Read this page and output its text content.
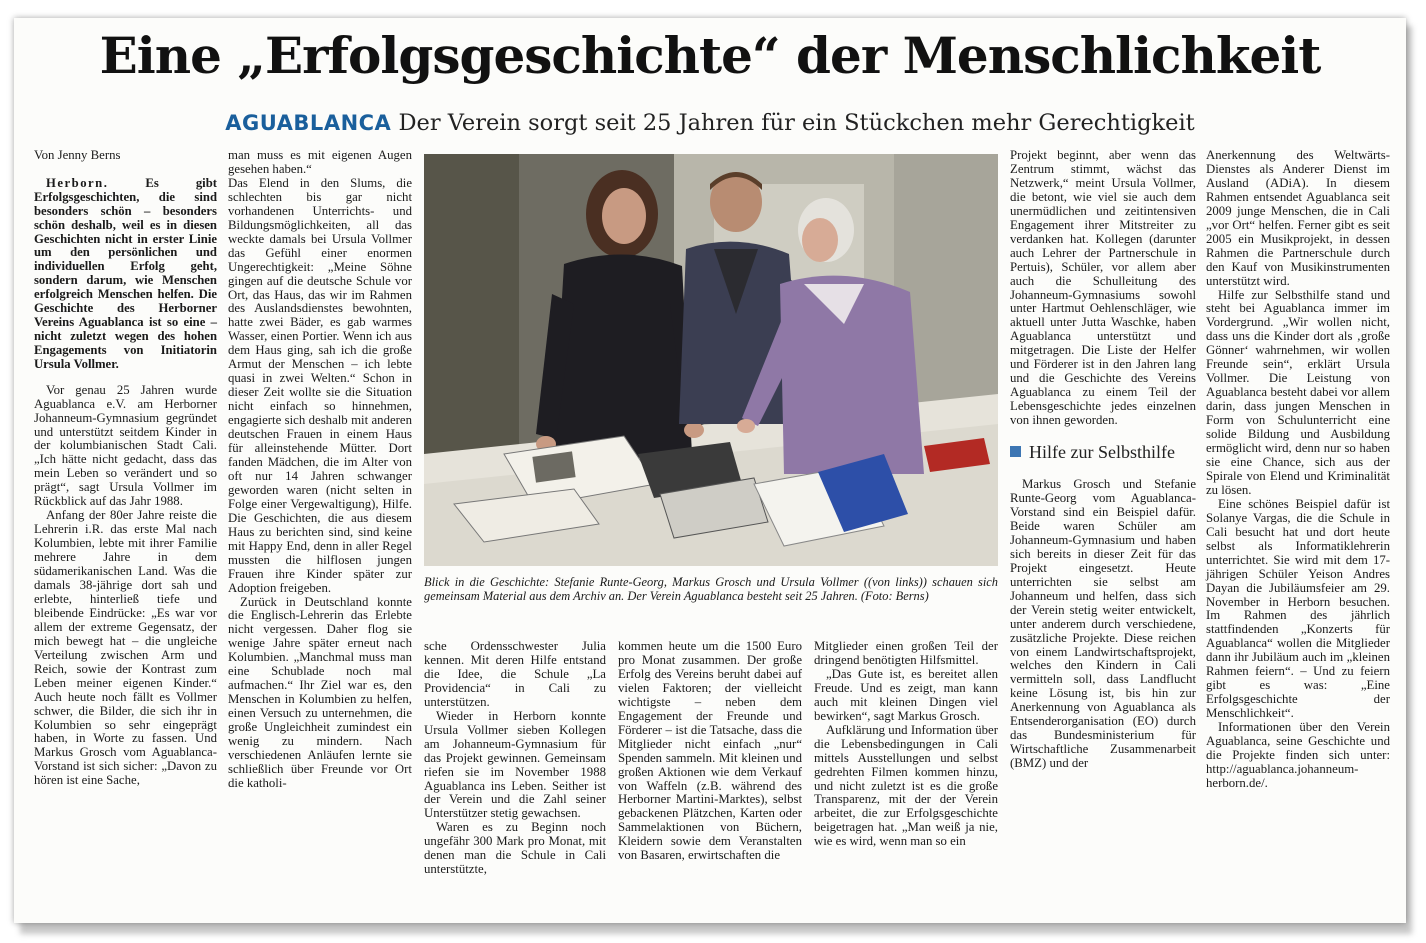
Eine „Erfolgsgeschichte“ der Menschlichkeit
AGUABLANCA Der Verein sorgt seit 25 Jahren für ein Stückchen mehr Gerechtigkeit

Von Jenny Berns

Herborn.	Es gibt Erfolgsgeschichten, die sind besonders schön – besonders schön deshalb, weil es in diesen Geschichten nicht in erster Linie um den persönlichen und individuellen Erfolg geht, sondern darum, wie Menschen erfolgreich Menschen helfen. Die Geschichte des Herborner Vereins Aguablanca ist so eine – nicht zuletzt wegen des hohen Engagements von Initiatorin Ursula Vollmer.

Vor genau 25 Jahren wurde Aguablanca e.V. am Herborner Johanneum-Gymnasium gegründet und unterstützt seitdem Kinder in der kolumbianischen Stadt Cali. „Ich hätte nicht gedacht, dass das mein Leben so verändert und so prägt“, sagt Ursula Vollmer im Rückblick auf das Jahr 1988.

Anfang der 80er Jahre reiste die Lehrerin i.R. das erste Mal nach Kolumbien, lebte mit ihrer Familie mehrere Jahre in dem südamerikanischen Land. Was die damals 38-jährige dort sah und erlebte, hinterließ tiefe und bleibende Eindrücke: „Es war vor allem der extreme Gegensatz, der mich bewegt hat – die ungleiche Verteilung zwischen Arm und Reich, sowie der Kontrast zum Leben meiner eigenen Kinder.“ Auch heute noch fällt es Vollmer schwer, die Bilder, die sich ihr in Kolumbien so sehr eingeprägt haben, in Worte zu fassen. Und Markus Grosch vom Aguablanca-Vorstand ist sich sicher: „Davon zu hören ist eine Sache,

man muss es mit eigenen Augen gesehen haben.“

Das Elend in den Slums, die schlechten bis gar nicht vorhandenen Unterrichts- und Bildungsmöglichkeiten, all das weckte damals bei Ursula Vollmer das Gefühl einer enormen Ungerechtigkeit: „Meine Söhne gingen auf die deutsche Schule vor Ort, das Haus, das wir im Rahmen des Auslandsdienstes bewohnten, hatte zwei Bäder, es gab warmes Wasser, einen Portier. Wenn ich aus dem Haus ging, sah ich die große Armut der Menschen – ich lebte quasi in zwei Welten.“ Schon in dieser Zeit wollte sie die Situation nicht einfach so hinnehmen, engagierte sich deshalb mit anderen deutschen Frauen in einem Haus für alleinstehende Mütter. Dort fanden Mädchen, die im Alter von oft nur 14 Jahren schwanger geworden waren (nicht selten in Folge einer Vergewaltigung), Hilfe. Die Geschichten, die aus diesem Haus zu berichten sind, sind keine mit Happy End, denn in aller Regel mussten die hilflosen jungen Frauen ihre Kinder später zur Adoption freigeben.

Zurück in Deutschland konnte die Englisch-Lehrerin das Erlebte nicht vergessen. Daher flog sie wenige Jahre später erneut nach Kolumbien. „Manchmal muss man eine Schublade noch mal aufmachen.“ Ihr Ziel war es, den Menschen in Kolumbien zu helfen, einen Versuch zu unternehmen, die große Ungleichheit zumindest ein wenig zu mindern. Nach verschiedenen Anläufen lernte sie schließlich über Freunde vor Ort die katholi-

Blick in die Geschichte: Stefanie Runte-Georg, Markus Grosch und Ursula Vollmer ((von links)) schauen sich gemeinsam Material aus dem Archiv an. Der Verein Aguablanca besteht seit 25 Jahren. (Foto: Berns)

sche Ordensschwester Julia kennen. Mit deren Hilfe entstand die Idee, die Schule „La Providencia“ in Cali zu unterstützen.

Wieder in Herborn konnte Ursula Vollmer sieben Kollegen am Johanneum-Gymnasium für das Projekt gewinnen. Gemeinsam riefen sie im November 1988 Aguablanca ins Leben. Seither ist der Verein und die Zahl seiner Unterstützer stetig gewachsen.

Waren es zu Beginn noch ungefähr 300 Mark pro Monat, mit denen man die Schule in Cali unterstützte,

kommen heute um die 1500 Euro pro Monat zusammen. Der große Erfolg des Vereins beruht dabei auf vielen Faktoren; der vielleicht wichtigste – neben dem Engagement der Freunde und Förderer – ist die Tatsache, dass die Mitglieder nicht einfach „nur“ Spenden sammeln. Mit kleinen und großen Aktionen wie dem Verkauf von Waffeln (z.B. während des Herborner Martini-Marktes), selbst gebackenen Plätzchen, Karten oder Sammelaktionen von Büchern, Kleidern sowie dem Veranstalten von Basaren, erwirtschaften die

Mitglieder einen großen Teil der dringend benötigten Hilfsmittel.

„Das Gute ist, es bereitet allen Freude. Und es zeigt, man kann auch mit kleinen Dingen viel bewirken“, sagt Markus Grosch.

Aufklärung und Information über die Lebensbedingungen in Cali mittels Ausstellungen und selbst gedrehten Filmen kommen hinzu, und nicht zuletzt ist es die große Transparenz, mit der der Verein arbeitet, die zur Erfolgsgeschichte beigetragen hat. „Man weiß ja nie, wie es wird, wenn man so ein

Projekt beginnt, aber wenn das Zentrum stimmt, wächst das Netzwerk,“ meint Ursula Vollmer, die betont, wie viel sie auch dem unermüdlichen und zeitintensiven Engagement ihrer Mitstreiter zu verdanken hat. Kollegen (darunter auch Lehrer der Partnerschule in Pertuis), Schüler, vor allem aber auch die Schulleitung des Johanneum-Gymnasiums sowohl unter Hartmut Oehlenschläger, wie aktuell unter Jutta Waschke, haben Aguablanca unterstützt und mitgetragen. Die Liste der Helfer und Förderer ist in den Jahren lang und die Geschichte des Vereins Aguablanca zu einem Teil der Lebensgeschichte jedes einzelnen von ihnen geworden.

Hilfe zur Selbsthilfe

Markus Grosch und Stefanie Runte-Georg vom Aguablanca-Vorstand sind ein Beispiel dafür. Beide waren Schüler am Johanneum-Gymnasium und haben sich bereits in dieser Zeit für das Projekt eingesetzt. Heute unterrichten sie selbst am Johanneum und helfen, dass sich der Verein stetig weiter entwickelt, unter anderem durch verschiedene, zusätzliche Projekte. Diese reichen von einem Landwirtschaftsprojekt, welches den Kindern in Cali vermitteln soll, dass Landflucht keine Lösung ist, bis hin zur Anerkennung von Aguablanca als Entsenderorganisation (EO) durch das Bundesministerium für Wirtschaftliche Zusammenarbeit (BMZ) und der

Anerkennung des Weltwärts-Dienstes als Anderer Dienst im Ausland (ADiA). In diesem Rahmen entsendet Aguablanca seit 2009 junge Menschen, die in Cali „vor Ort“ helfen. Ferner gibt es seit 2005 ein Musikprojekt, in dessen Rahmen die Partnerschule durch den Kauf von Musikinstrumenten unterstützt wird.

Hilfe zur Selbsthilfe stand und steht bei Aguablanca immer im Vordergrund. „Wir wollen nicht, dass uns die Kinder dort als ‚große Gönner‘ wahrnehmen, wir wollen Freunde sein“, erklärt Ursula Vollmer. Die Leistung von Aguablanca besteht dabei vor allem darin, dass jungen Menschen in Form von Schulunterricht eine solide Bildung und Ausbildung ermöglicht wird, denn nur so haben sie eine Chance, sich aus der Spirale von Elend und Kriminalität zu lösen.

Eine schönes Beispiel dafür ist Solanye Vargas, die die Schule in Cali besucht hat und dort heute selbst als Informatiklehrerin unterrichtet. Sie wird mit dem 17-jährigen Schüler Yeison Andres Dayan die Jubiläumsfeier am 29. November in Herborn besuchen. Im Rahmen des jährlich stattfindenden „Konzerts für Aguablanca“ wollen die Mitglieder dann ihr Jubiläum auch im „kleinen Rahmen feiern“. – Und zu feiern gibt es was: „Eine Erfolgsgeschichte der Menschlichkeit“.

Informationen über den Verein Aguablanca, seine Geschichte und die Projekte finden sich unter: http://aguablanca.johanneum-herborn.de/.
